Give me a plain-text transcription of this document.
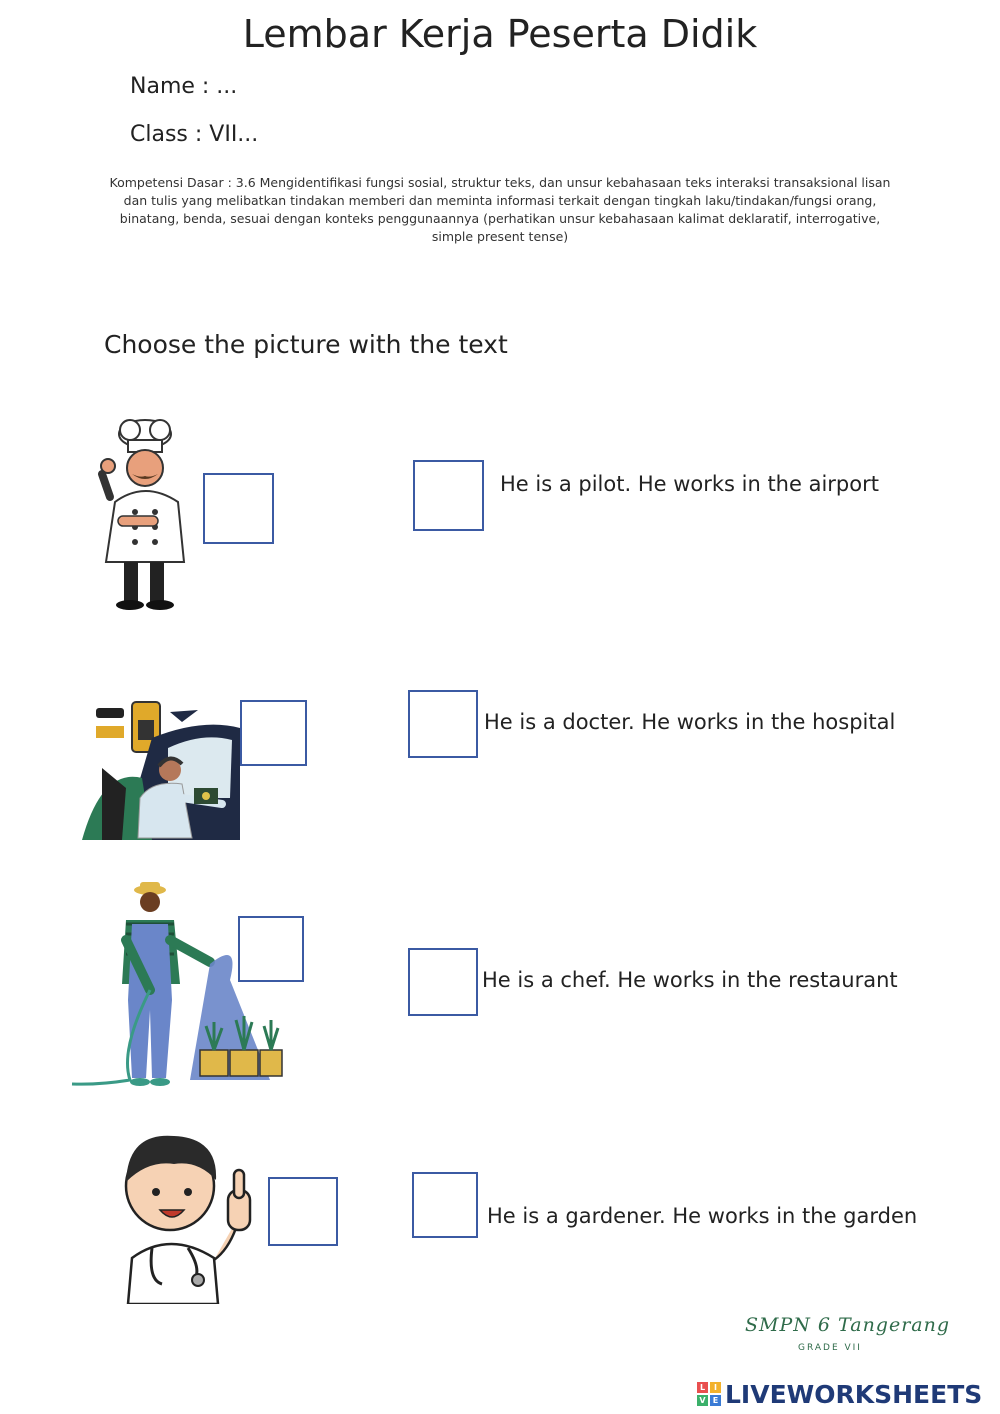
Lembar Kerja Peserta Didik
Name : ...
Class : VII...
Kompetensi Dasar : 3.6 Mengidentifikasi fungsi sosial, struktur teks, dan unsur kebahasaan teks interaksi transaksional lisan dan tulis yang melibatkan tindakan memberi dan meminta informasi terkait dengan tingkah laku/tindakan/fungsi orang, binatang, benda, sesuai dengan konteks penggunaannya (perhatikan unsur kebahasaan kalimat deklaratif, interrogative, simple present tense)
Choose the picture with the text
He is a pilot. He works in the airport
He is a docter. He works in the hospital
He is a chef. He works in the restaurant
He is a gardener. He works in the garden
SMPN 6 Tangerang
GRADE VII
L	I
V E LIVEWORKSHEETS
